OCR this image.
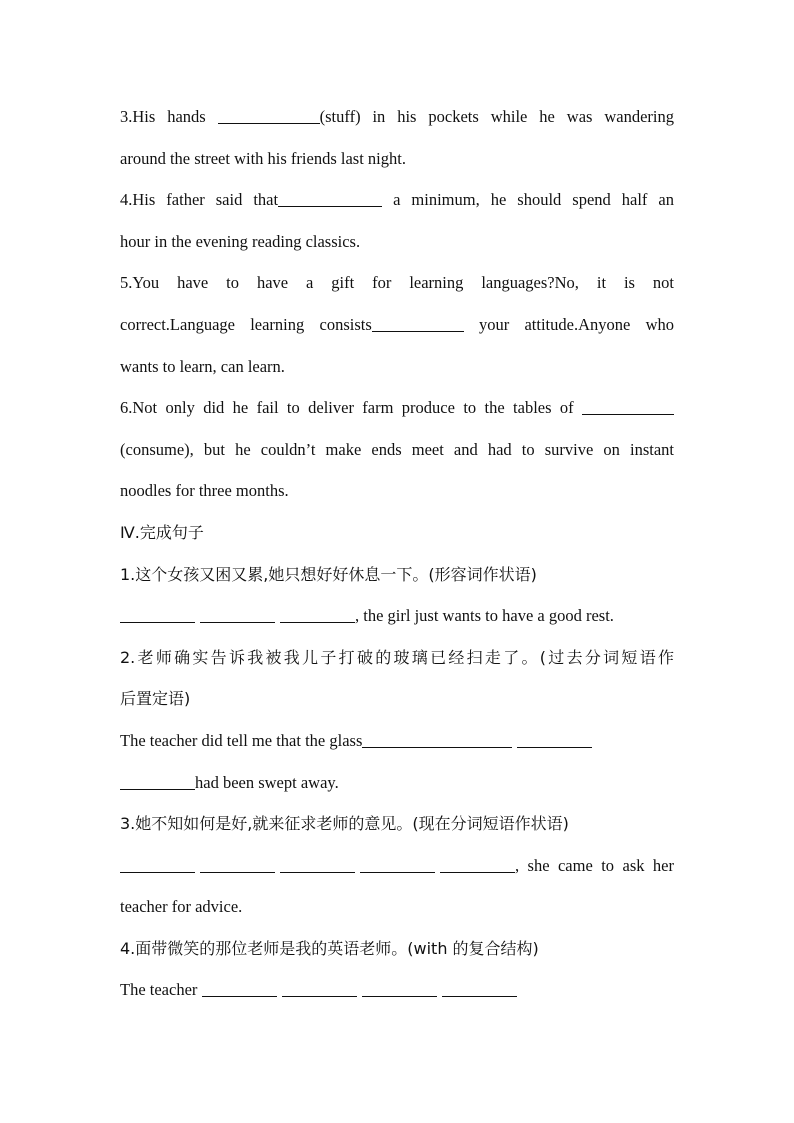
3.His hands	(stuff) in his pockets while he was wandering
around the street with his friends last night.
4.His father said that	a minimum, he should spend half an
hour in the evening reading classics.
5.You have to have a gift for learning languages?No, it is not
correct.Language learning consists	your attitude.Anyone who
wants to learn, can learn.
6.Not only did he fail to deliver farm produce to the tables of
(consume), but he couldn’t make ends meet and had to survive on instant
noodles for three months.
Ⅳ.完成句子
1.这个女孩又困又累,她只想好好休息一下。(形容词作状语)
, the girl just wants to have a good rest.
2.老师确实告诉我被我儿子打破的玻璃已经扫走了。(过去分词短语作
后置定语)
The teacher did tell me that the glass
had been swept away.
3.她不知如何是好,就来征求老师的意见。(现在分词短语作状语)
, she came to ask her
teacher for advice.
4.面带微笑的那位老师是我的英语老师。(with 的复合结构)
The teacher
